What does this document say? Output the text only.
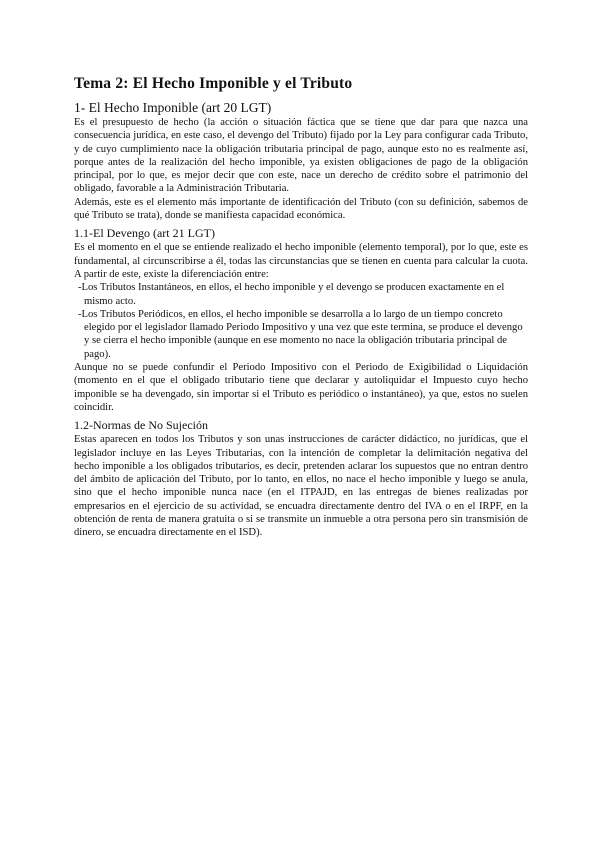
Tema 2: El Hecho Imponible y el Tributo
1- El Hecho Imponible (art 20 LGT)

Es el presupuesto de hecho (la acción o situación fáctica que se tiene que dar para que nazca una consecuencia jurídica, en este caso, el devengo del Tributo) fijado por la Ley para configurar cada Tributo, y de cuyo cumplimiento nace la obligación tributaria principal de pago, aunque esto no es realmente así, porque antes de la realización del hecho imponible, ya existen obligaciones de pago de la obligación principal, por lo que, es mejor decir que con este, nace un derecho de crédito sobre el patrimonio del obligado, favorable a la Administración Tributaria.

Además, este es el elemento más importante de identificación del Tributo (con su definición, sabemos de qué Tributo se trata), donde se manifiesta capacidad económica.

1.1-El Devengo (art 21 LGT)

Es el momento en el que se entiende realizado el hecho imponible (elemento temporal), por lo que, este es fundamental, al circunscribirse a él, todas las circunstancias que se tienen en cuenta para calcular la cuota. A partir de este, existe la diferenciación entre:

-Los Tributos Instantáneos, en ellos, el hecho imponible y el devengo se producen exactamente en el mismo acto.
-Los Tributos Periódicos, en ellos, el hecho imponible se desarrolla a lo largo de un tiempo concreto elegido por el legislador llamado Periodo Impositivo y una vez que este termina, se produce el devengo y se cierra el hecho imponible (aunque en ese momento no nace la obligación tributaria principal de pago).

Aunque no se puede confundir el Periodo Impositivo con el Periodo de Exigibilidad o Liquidación (momento en el que el obligado tributario tiene que declarar y autoliquidar el Impuesto cuyo hecho imponible se ha devengado, sin importar si el Tributo es periódico o instantáneo), ya que, estos no suelen coincidir.

1.2-Normas de No Sujeción

Estas aparecen en todos los Tributos y son unas instrucciones de carácter didáctico, no jurídicas, que el legislador incluye en las Leyes Tributarias, con la intención de completar la delimitación negativa del hecho imponible a los obligados tributarios, es decir, pretenden aclarar los supuestos que no entran dentro del ámbito de aplicación del Tributo, por lo tanto, en ellos, no nace el hecho imponible y luego se anula, sino que el hecho imponible nunca nace (en el ITPAJD, en las entregas de bienes realizadas por empresarios en el ejercicio de su actividad, se encuadra directamente dentro del IVA o en el IRPF, en la obtención de renta de manera gratuita o si se transmite un inmueble a otra persona pero sin transmisión de dinero, se encuadra directamente en el ISD).
